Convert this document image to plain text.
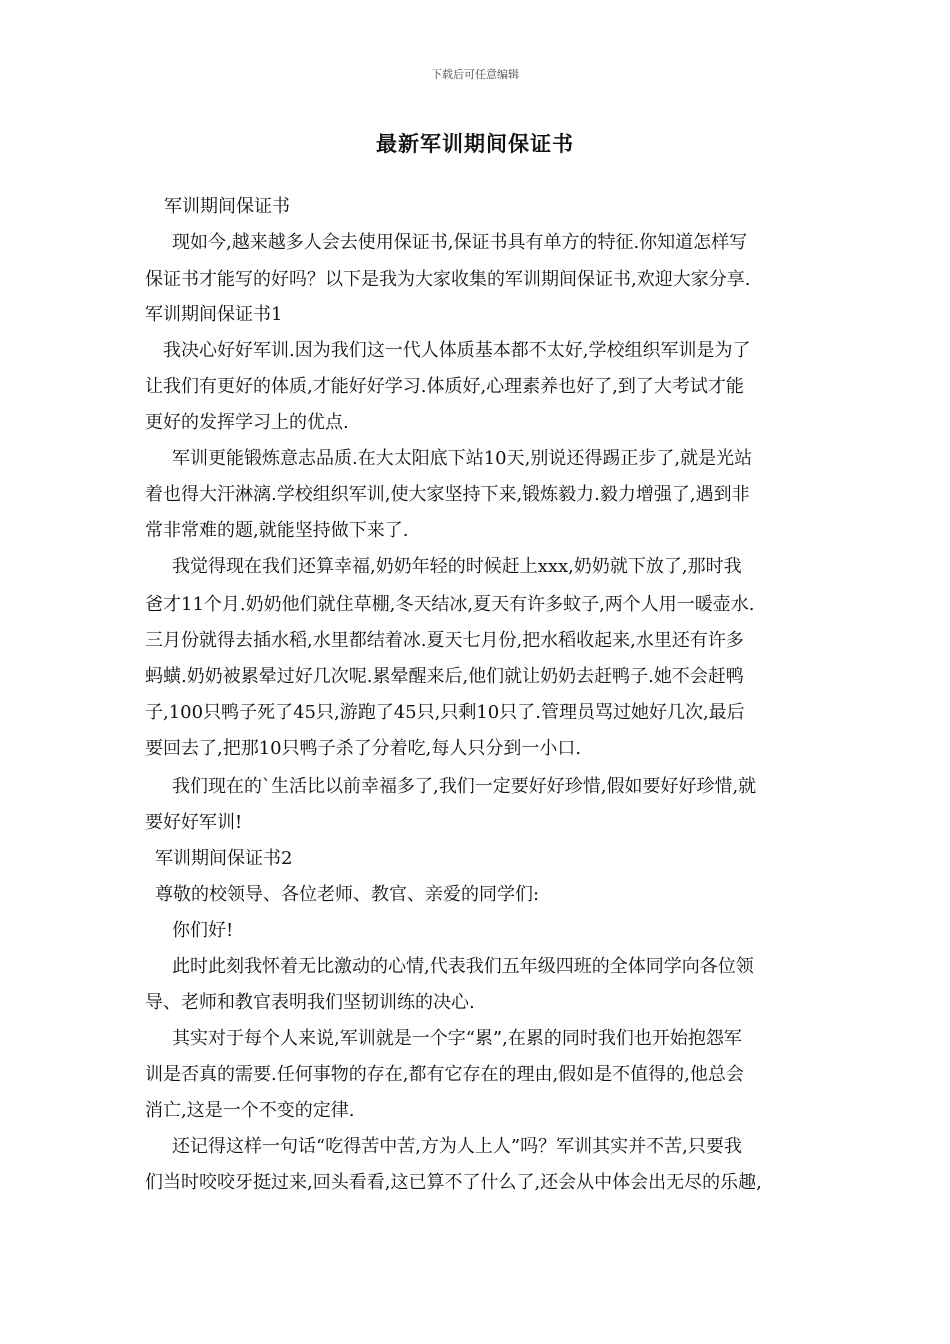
下载后可任意编辑
最新军训期间保证书
军训期间保证书
现如今,越来越多人会去使用保证书,保证书具有单方的特征.你知道怎样写
保证书才能写的好吗？以下是我为大家收集的军训期间保证书,欢迎大家分享.
军训期间保证书1
我决心好好军训.因为我们这一代人体质基本都不太好,学校组织军训是为了
让我们有更好的体质,才能好好学习.体质好,心理素养也好了,到了大考试才能
更好的发挥学习上的优点.
军训更能锻炼意志品质.在大太阳底下站10天,别说还得踢正步了,就是光站
着也得大汗淋漓.学校组织军训,使大家坚持下来,锻炼毅力.毅力增强了,遇到非
常非常难的题,就能坚持做下来了.
我觉得现在我们还算幸福,奶奶年轻的时候赶上xxx,奶奶就下放了,那时我
爸才11个月.奶奶他们就住草棚,冬天结冰,夏天有许多蚊子,两个人用一暖壶水.
三月份就得去插水稻,水里都结着冰.夏天七月份,把水稻收起来,水里还有许多
蚂蟥.奶奶被累晕过好几次呢.累晕醒来后,他们就让奶奶去赶鸭子.她不会赶鸭
子,100只鸭子死了45只,游跑了45只,只剩10只了.管理员骂过她好几次,最后
要回去了,把那10只鸭子杀了分着吃,每人只分到一小口.
我们现在的`生活比以前幸福多了,我们一定要好好珍惜,假如要好好珍惜,就
要好好军训!
军训期间保证书2
尊敬的校领导、各位老师、教官、亲爱的同学们:
你们好!
此时此刻我怀着无比激动的心情,代表我们五年级四班的全体同学向各位领
导、老师和教官表明我们坚韧训练的决心.
其实对于每个人来说,军训就是一个字“累”,在累的同时我们也开始抱怨军
训是否真的需要.任何事物的存在,都有它存在的理由,假如是不值得的,他总会
消亡,这是一个不变的定律.
还记得这样一句话“吃得苦中苦,方为人上人”吗？军训其实并不苦,只要我
们当时咬咬牙挺过来,回头看看,这已算不了什么了,还会从中体会出无尽的乐趣,
